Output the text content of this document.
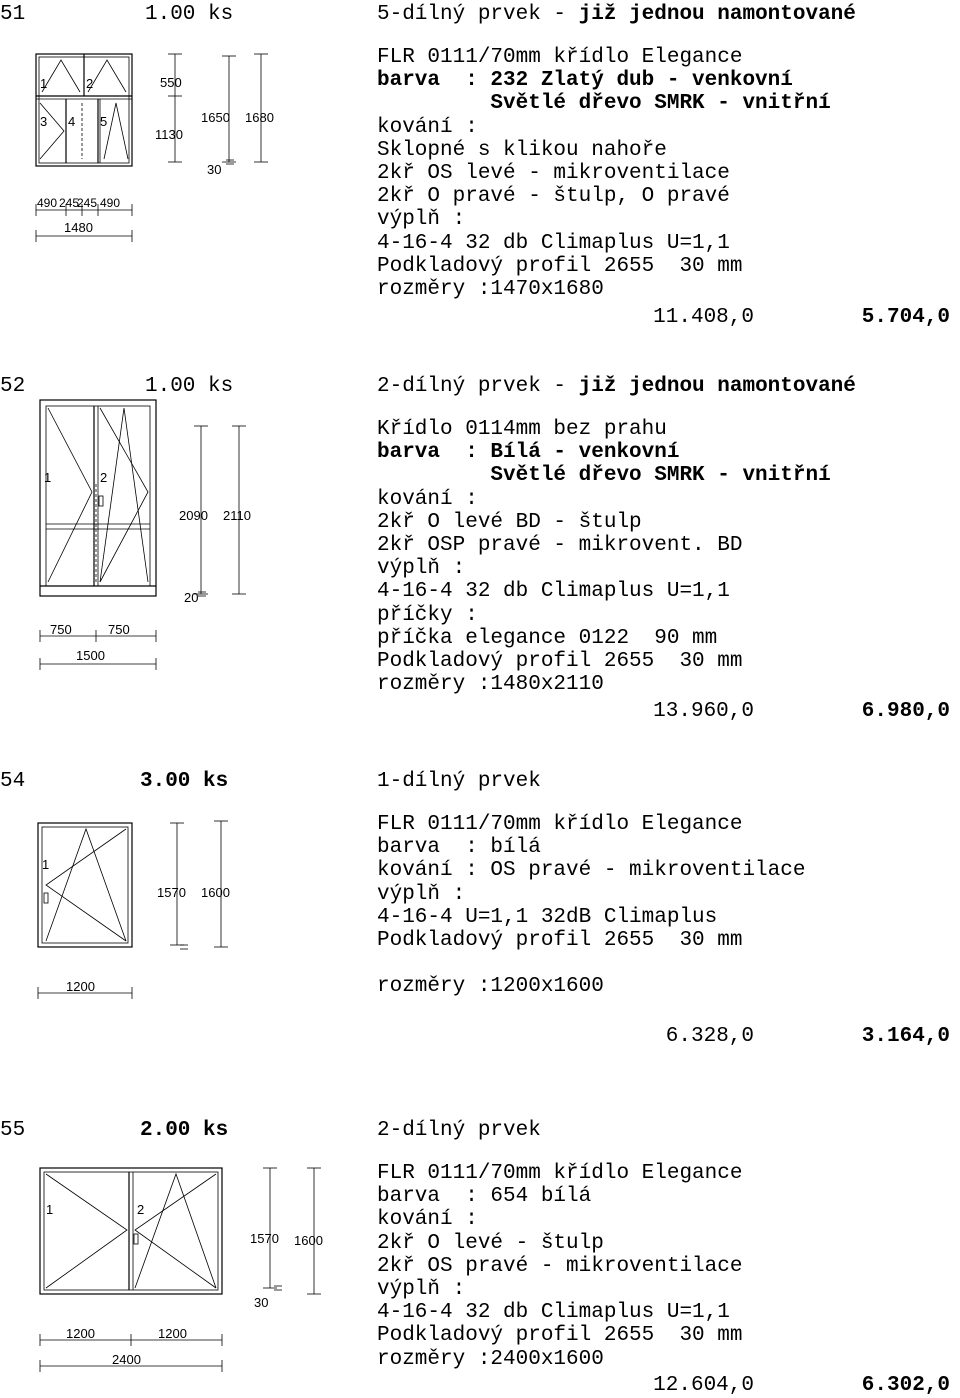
51	1.00 ks	5-dílný prvek - již jednou namontované
FLR 0111/70mm křídlo Elegance
barva  : 232 Zlatý dub - venkovní
Světlé dřevo SMRK - vnitřní
kování :
Sklopné s klikou nahoře
2kř OS levé - mikroventilace
2kř O pravé - štulp, O pravé
výplň :
4-16-4 32 db Climaplus U=1,1
Podkladový profil 2655  30 mm
rozměry :1470x1680
11.408,0	5.704,0
1	2
3 4 5
490 245
245 490
1480
550
1130
1650 1680
30
52	1.00 ks	2-dílný prvek - již jednou namontované
Křídlo 0114mm bez prahu
barva  : Bílá - venkovní
Světlé dřevo SMRK - vnitřní
kování :
2kř O levé BD - štulp
2kř OSP pravé - mikrovent. BD
výplň :
4-16-4 32 db Climaplus U=1,1
příčky :
příčka elegance 0122  90 mm
Podkladový profil 2655  30 mm
rozměry :1480x2110
13.960,0	6.980,0
1	2
750	750
1500
2090 2110
20
54	3.00 ks	1-dílný prvek
FLR 0111/70mm křídlo Elegance
barva  : bílá
kování : OS pravé - mikroventilace
výplň :
4-16-4 U=1,1 32dB Climaplus
Podkladový profil 2655  30 mm
rozměry :1200x1600
6.328,0	3.164,0
1
1200
1570 1600
55	2.00 ks	2-dílný prvek
FLR 0111/70mm křídlo Elegance
barva  : 654 bílá
kování :
2kř O levé - štulp
2kř OS pravé - mikroventilace
výplň :
4-16-4 32 db Climaplus U=1,1
Podkladový profil 2655  30 mm
rozměry :2400x1600
12.604,0	6.302,0
1	2
1200	1200
2400
1570 1600
30
